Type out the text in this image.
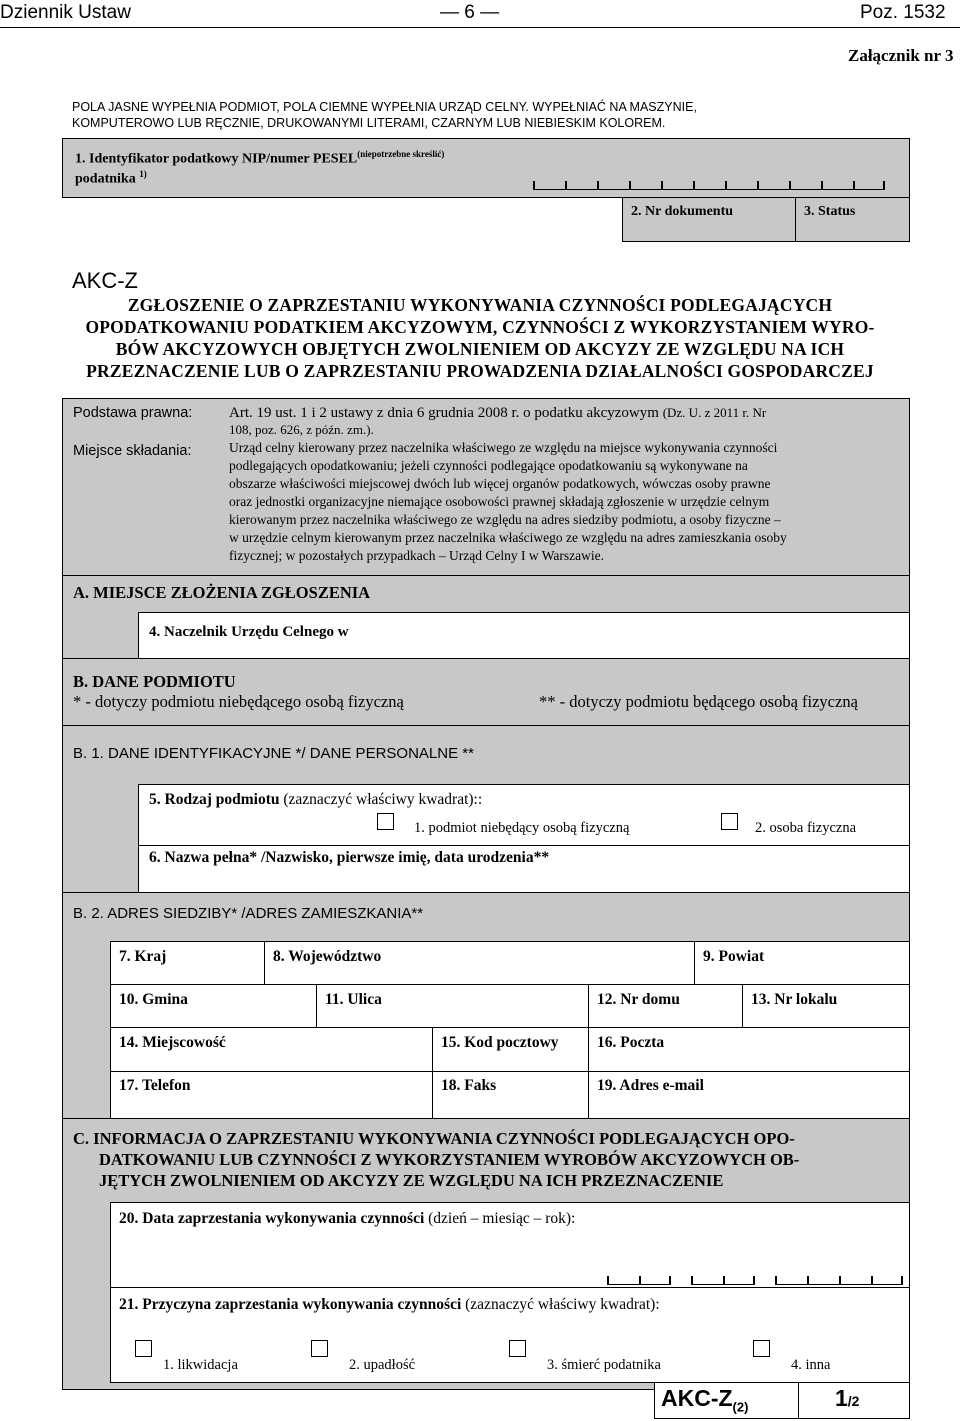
Dziennik Ustaw	— 6 —	Poz. 1532
Załącznik nr 3
POLA JASNE WYPEŁNIA PODMIOT, POLA CIEMNE WYPEŁNIA URZĄD CELNY. WYPEŁNIAĆ NA MASZYNIE,
KOMPUTEROWO LUB RĘCZNIE, DRUKOWANYMI LITERAMI, CZARNYM LUB NIEBIESKIM KOLOREM.
1. Identyfikator podatkowy NIP/numer $PESEL^{(niepotrzebne skreślić)}$
podatnika $^{1)}$
2. Nr dokumentu	3. Status
AKC-Z
ZGŁOSZENIE O ZAPRZESTANIU WYKONYWANIA CZYNNOŚCI PODLEGAJĄCYCH
OPODATKOWANIU PODATKIEM AKCYZOWYM, CZYNNOŚCI Z WYKORZYSTANIEM WYRO-
BÓW AKCYZOWYCH OBJĘTYCH ZWOLNIENIEM OD AKCYZY ZE WZGLĘDU NA ICH
PRZEZNACZENIE LUB O ZAPRZESTANIU PROWADZENIA DZIAŁALNOŚCI GOSPODARCZEJ
Podstawa prawna: Art. 19 ust. 1 i 2 ustawy z dnia 6 grudnia 2008 r. o podatku akcyzowym (Dz. U. z 2011 r. Nr
108, poz. 626, z późn. zm.).
Miejsce składania:	Urząd celny kierowany przez naczelnika właściwego ze względu na miejsce wykonywania czynności
podlegających opodatkowaniu; jeżeli czynności podlegające opodatkowaniu są wykonywane na
obszarze właściwości miejscowej dwóch lub więcej organów podatkowych, wówczas osoby prawne
oraz jednostki organizacyjne niemające osobowości prawnej składają zgłoszenie w urzędzie celnym
kierowanym przez naczelnika właściwego ze względu na adres siedziby podmiotu, a osoby fizyczne –
w urzędzie celnym kierowanym przez naczelnika właściwego ze względu na adres zamieszkania osoby
fizycznej; w pozostałych przypadkach – Urząd Celny I w Warszawie.
A. MIEJSCE ZŁOŻENIA ZGŁOSZENIA
4. Naczelnik Urzędu Celnego w
B. DANE PODMIOTU
* - dotyczy podmiotu niebędącego osobą fizyczną	** - dotyczy podmiotu będącego osobą fizyczną
B. 1. DANE IDENTYFIKACYJNE */ DANE PERSONALNE **
5. Rodzaj podmiotu (zaznaczyć właściwy kwadrat)::
1. podmiot niebędący osobą fizyczną	2. osoba fizyczna
6. Nazwa pełna* /Nazwisko, pierwsze imię, data urodzenia**
B. 2. ADRES SIEDZIBY* /ADRES ZAMIESZKANIA**
7. Kraj	8. Województwo	9. Powiat
10. Gmina	11. Ulica	12. Nr domu	13. Nr lokalu
14. Miejscowość	15. Kod pocztowy 16. Poczta
17. Telefon	18. Faks	19. Adres e-mail
C. INFORMACJA O ZAPRZESTANIU WYKONYWANIA CZYNNOŚCI PODLEGAJĄCYCH OPO-
DATKOWANIU LUB CZYNNOŚCI Z WYKORZYSTANIEM WYROBÓW AKCYZOWYCH OB-
JĘTYCH ZWOLNIENIEM OD AKCYZY ZE WZGLĘDU NA ICH PRZEZNACZENIE
20. Data zaprzestania wykonywania czynności (dzień – miesiąc – rok):
21. Przyczyna zaprzestania wykonywania czynności (zaznaczyć właściwy kwadrat):
1. likwidacja	2. upadłość	3. śmierć podatnika	4. inna
AKC-$Z_{(2)}$	1/2
